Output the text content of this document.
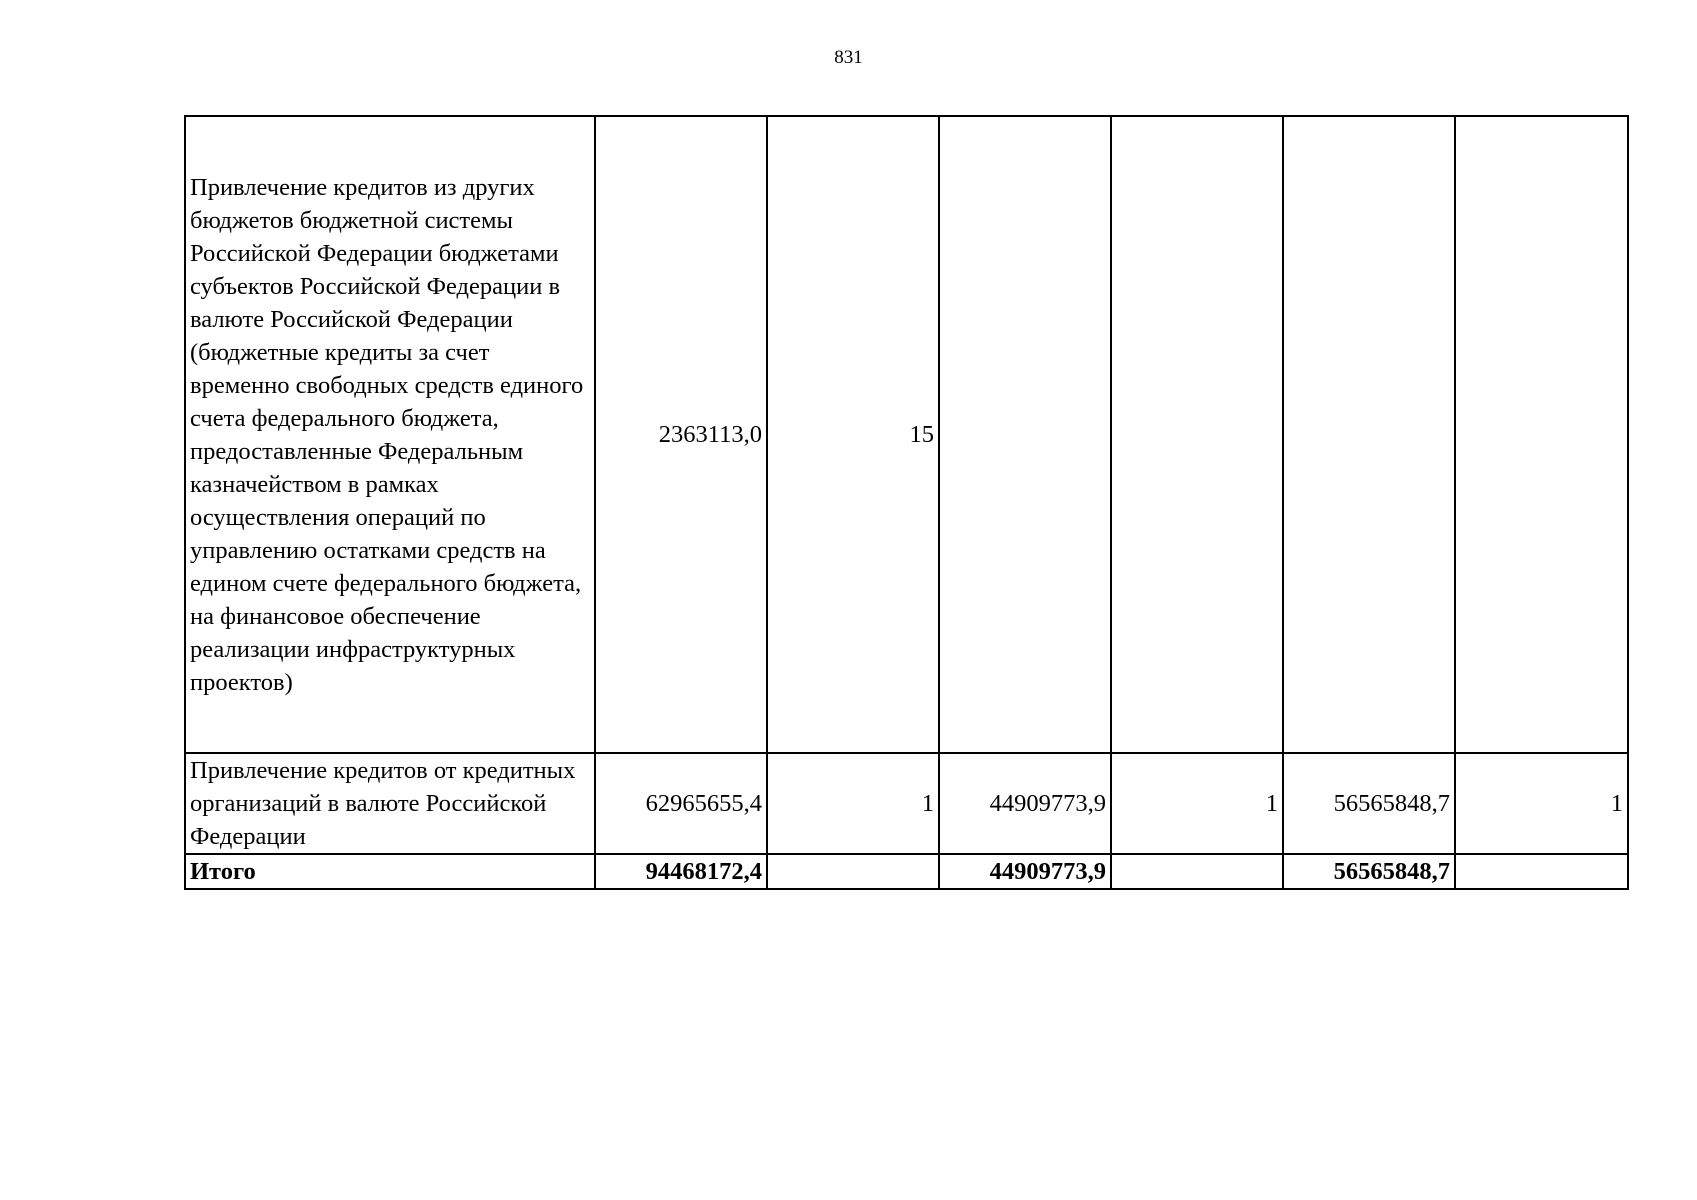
831
Привлечение кредитов из других бюджетов бюджетной системы Российской Федерации бюджетами субъектов Российской Федерации в валюте Российской Федерации (бюджетные кредиты за счет временно свободных средств единого счета федерального бюджета, предоставленные Федеральным казначейством в рамках осуществления операций по управлению остатками средств на едином счете федерального бюджета, на финансовое обеспечение реализации инфраструктурных проектов)	2363113,0	15				

Привлечение кредитов от кредитных организаций в валюте Российской Федерации	62965655,4	1	44909773,9	1	56565848,7	1
Итого	94468172,4		44909773,9		56565848,7	
